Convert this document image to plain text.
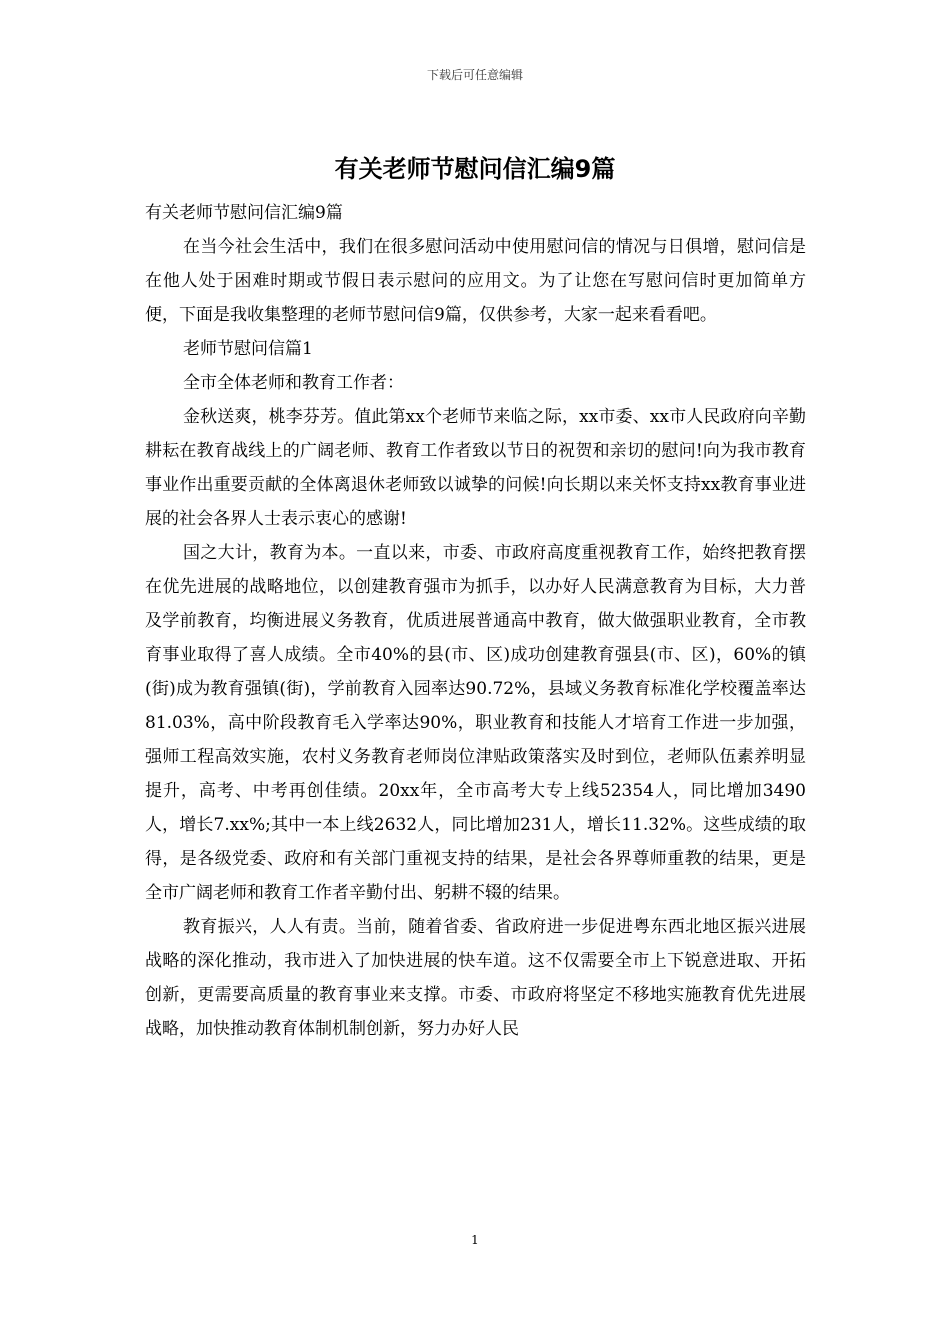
下载后可任意编辑
有关老师节慰问信汇编9篇

有关老师节慰问信汇编9篇

在当今社会生活中，我们在很多慰问活动中使用慰问信的情况与日俱增，慰问信是在他人处于困难时期或节假日表示慰问的应用文。为了让您在写慰问信时更加简单方便，下面是我收集整理的老师节慰问信9篇，仅供参考，大家一起来看看吧。

老师节慰问信篇1

全市全体老师和教育工作者：

金秋送爽，桃李芬芳。值此第xx个老师节来临之际，xx市委、xx市人民政府向辛勤耕耘在教育战线上的广阔老师、教育工作者致以节日的祝贺和亲切的慰问!向为我市教育事业作出重要贡献的全体离退休老师致以诚挚的问候!向长期以来关怀支持xx教育事业进展的社会各界人士表示衷心的感谢!

国之大计，教育为本。一直以来，市委、市政府高度重视教育工作，始终把教育摆在优先进展的战略地位，以创建教育强市为抓手，以办好人民满意教育为目标，大力普及学前教育，均衡进展义务教育，优质进展普通高中教育，做大做强职业教育，全市教育事业取得了喜人成绩。全市40%的县(市、区)成功创建教育强县(市、区)，60%的镇(街)成为教育强镇(街)，学前教育入园率达90.72%，县域义务教育标准化学校覆盖率达81.03%，高中阶段教育毛入学率达90%，职业教育和技能人才培育工作进一步加强，强师工程高效实施，农村义务教育老师岗位津贴政策落实及时到位，老师队伍素养明显提升，高考、中考再创佳绩。20xx年，全市高考大专上线52354人，同比增加3490人，增长7.xx%;其中一本上线2632人，同比增加231人，增长11.32%。这些成绩的取得，是各级党委、政府和有关部门重视支持的结果，是社会各界尊师重教的结果，更是全市广阔老师和教育工作者辛勤付出、躬耕不辍的结果。

教育振兴，人人有责。当前，随着省委、省政府进一步促进粤东西北地区振兴进展战略的深化推动，我市进入了加快进展的快车道。这不仅需要全市上下锐意进取、开拓创新，更需要高质量的教育事业来支撑。市委、市政府将坚定不移地实施教育优先进展战略，加快推动教育体制机制创新，努力办好人民

1
